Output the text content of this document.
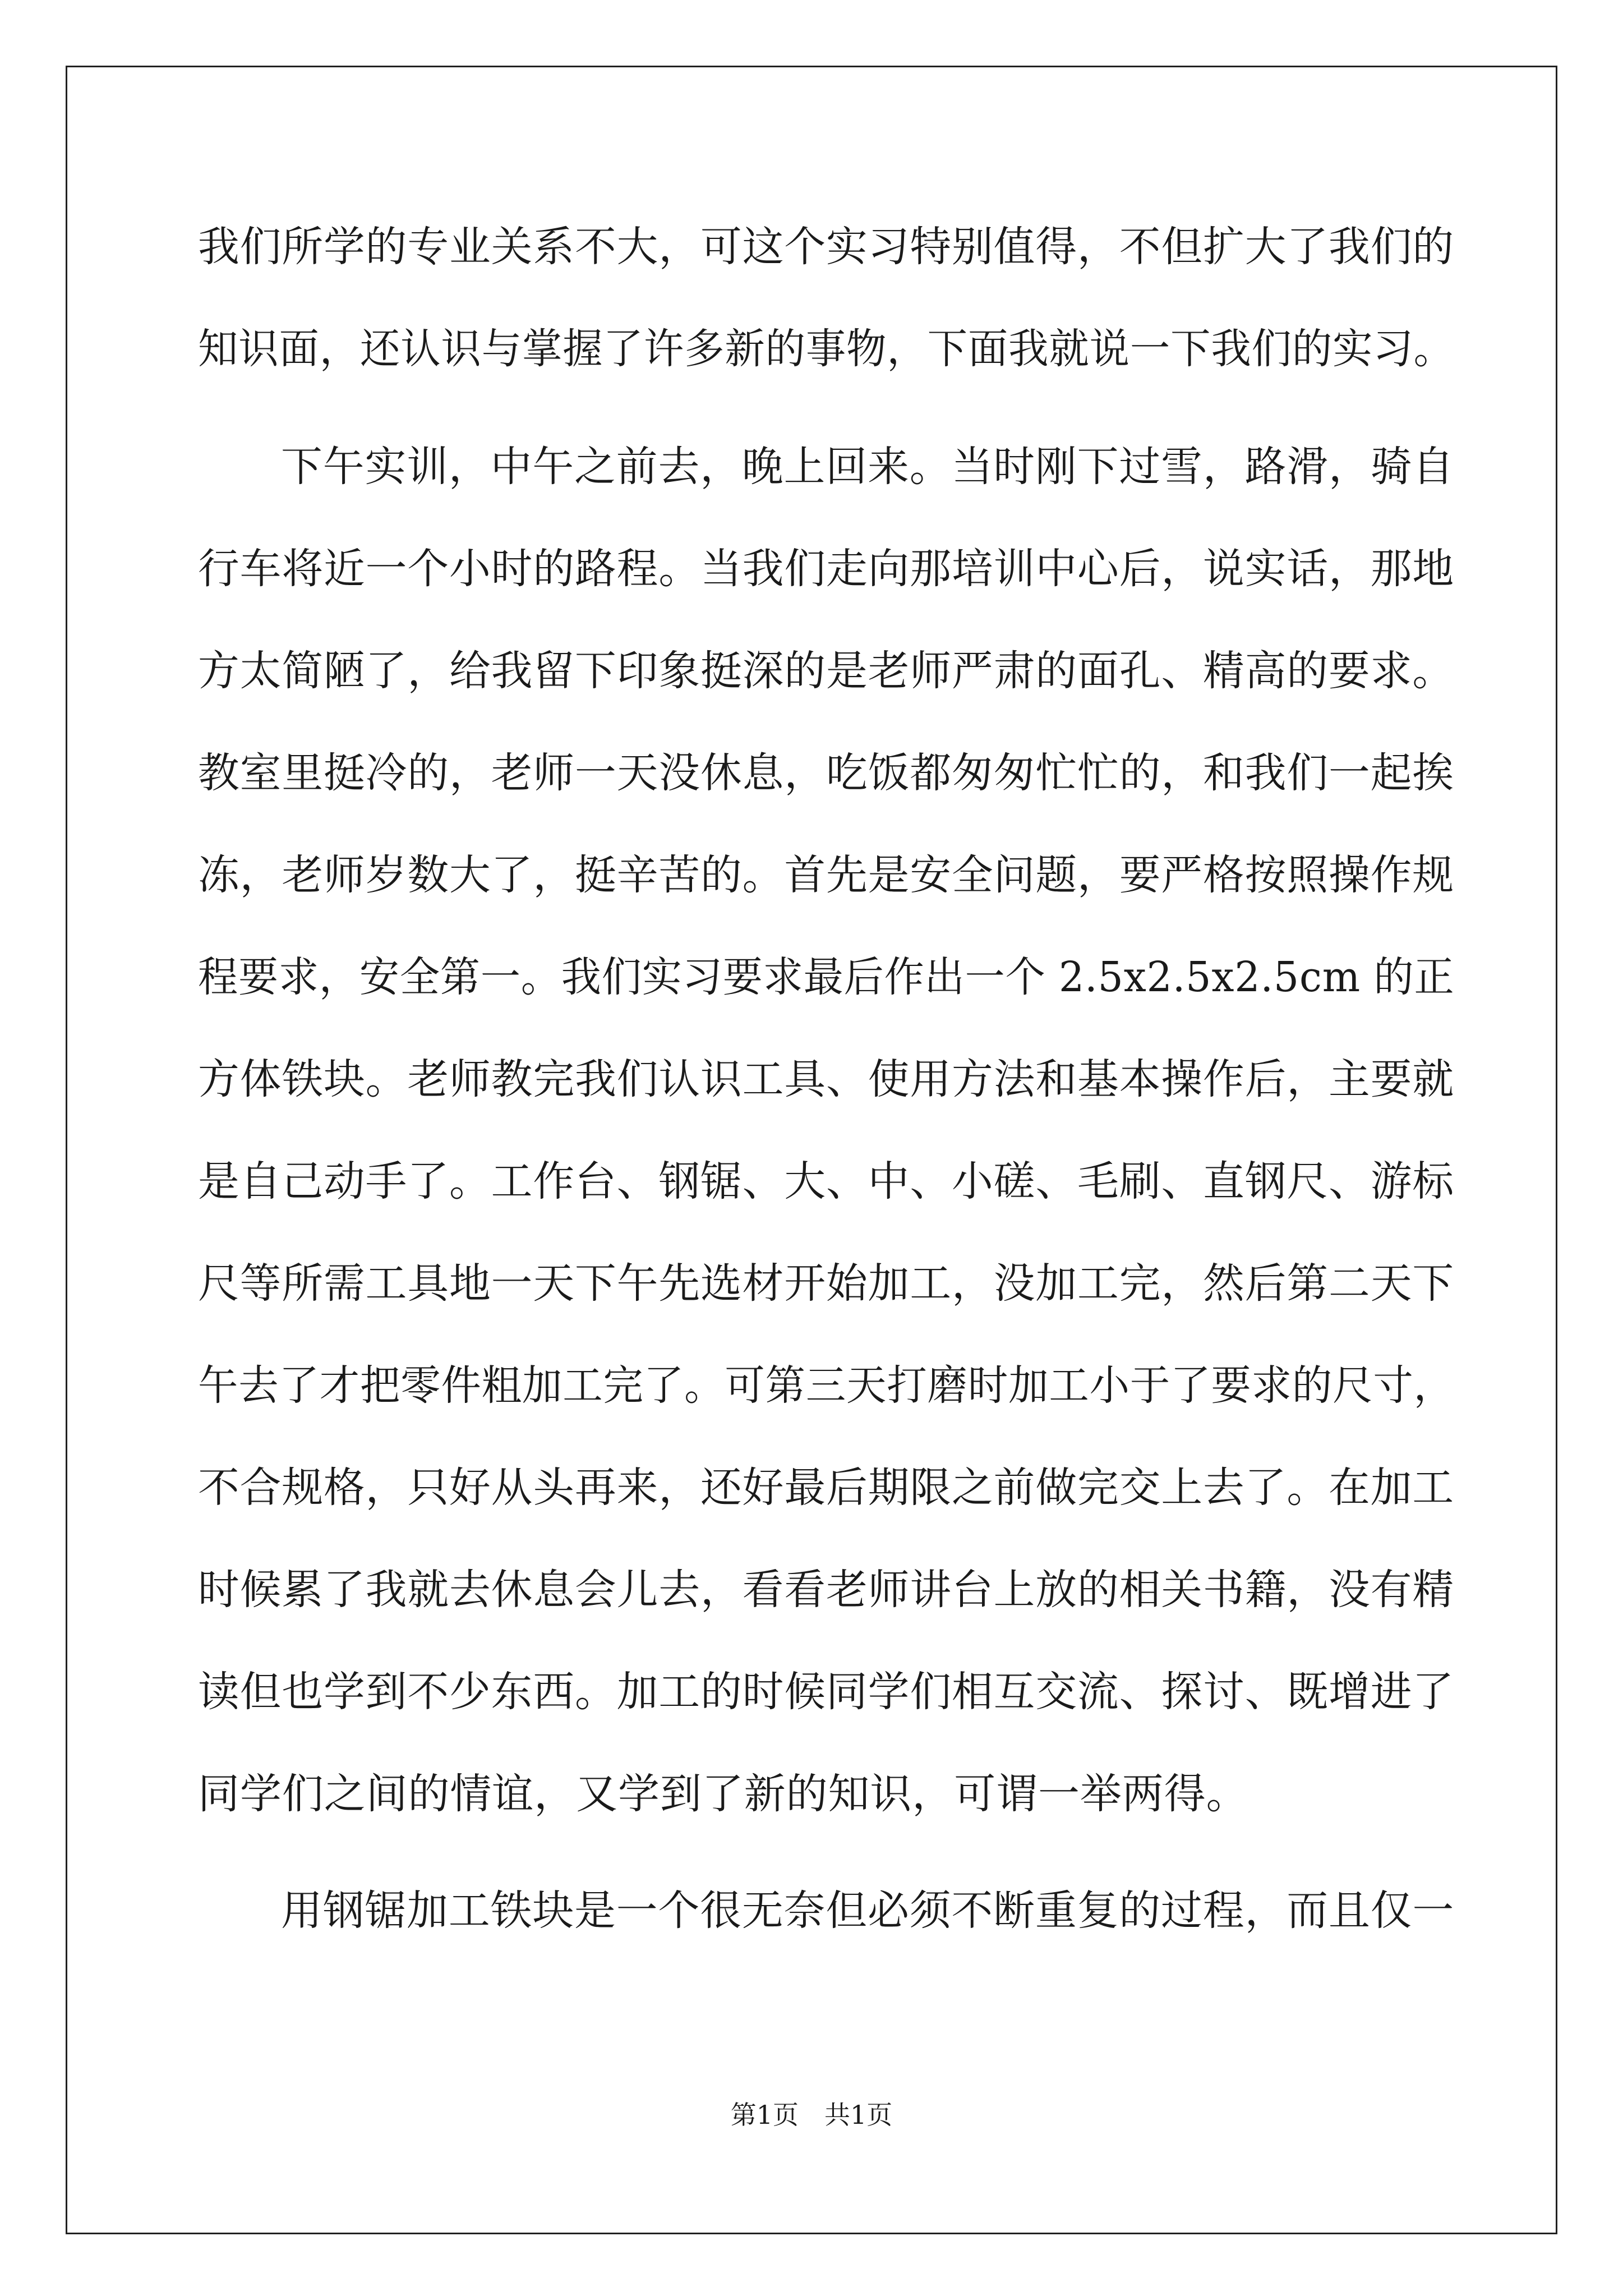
我们所学的专业关系不大，可这个实习特别值得，不但扩大了我们的
知识面，还认识与掌握了许多新的事物，下面我就说一下我们的实习。
下午实训，中午之前去，晚上回来。当时刚下过雪，路滑，骑自
行车将近一个小时的路程。当我们走向那培训中心后，说实话，那地
方太简陋了，给我留下印象挺深的是老师严肃的面孔、精高的要求。
教室里挺冷的，老师一天没休息，吃饭都匆匆忙忙的，和我们一起挨
冻，老师岁数大了，挺辛苦的。首先是安全问题，要严格按照操作规
程要求，安全第一。我们实习要求最后作出一个 2.5x2.5x2.5cm 的正
方体铁块。老师教完我们认识工具、使用方法和基本操作后，主要就
是自己动手了。工作台、钢锯、大、中、小磋、毛刷、直钢尺、游标
尺等所需工具地一天下午先选材开始加工，没加工完，然后第二天下
午去了才把零件粗加工完了。可第三天打磨时加工小于了要求的尺寸，
不合规格，只好从头再来，还好最后期限之前做完交上去了。在加工
时候累了我就去休息会儿去，看看老师讲台上放的相关书籍，没有精
读但也学到不少东西。加工的时候同学们相互交流、探讨、既增进了
同学们之间的情谊，又学到了新的知识，可谓一举两得。
用钢锯加工铁块是一个很无奈但必须不断重复的过程，而且仅一
第1页　共1页
